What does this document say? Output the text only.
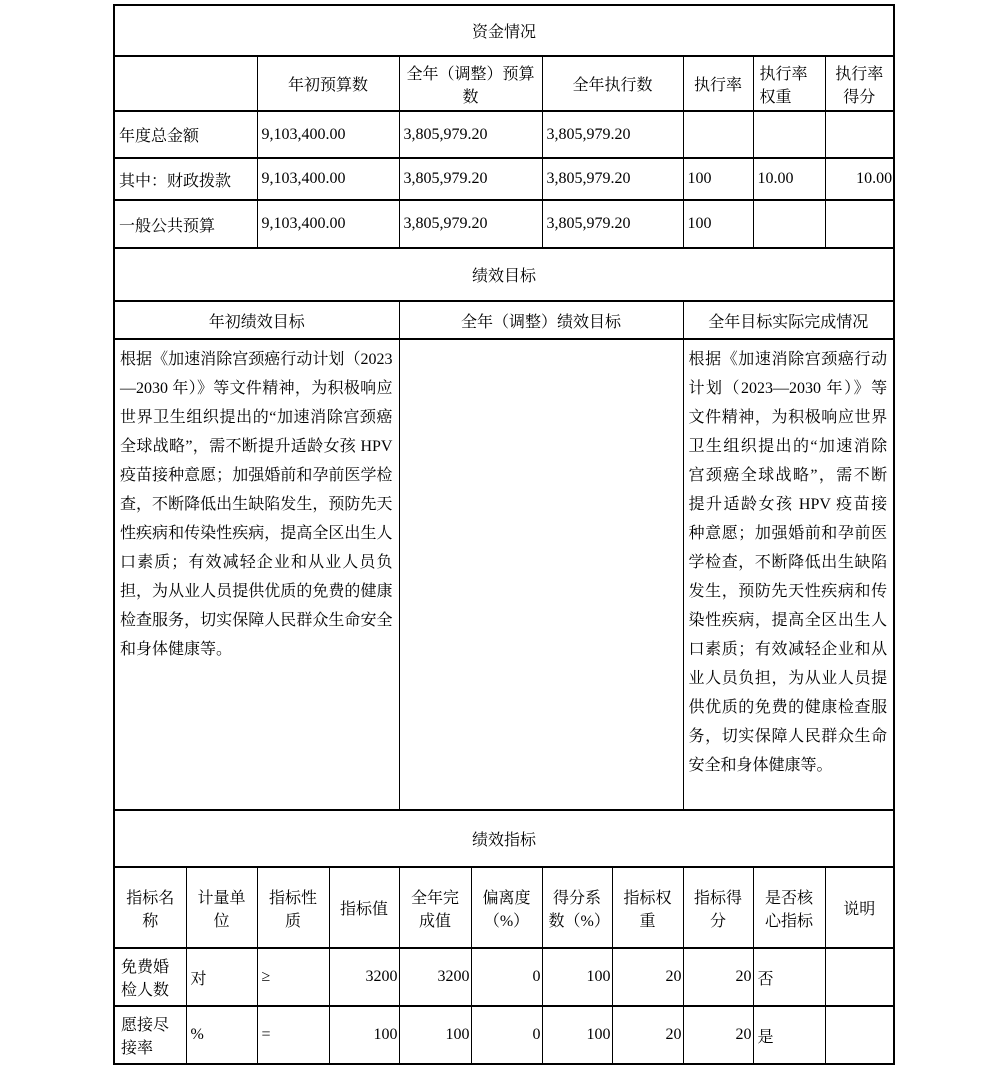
资金情况										
		年初预算数		全年（调整）预算数		全年执行数		执行率	执行率权重	执行率得分
年度总金额		9,103,400.00		3,805,979.20		3,805,979.20				
其中：财政拨款		9,103,400.00		3,805,979.20		3,805,979.20		100	10.00	10.00
一般公共预算		9,103,400.00		3,805,979.20		3,805,979.20		100		
绩效目标										
年初绩效目标				全年（调整）绩效目标				全年目标实际完成情况		
根据《加速消除宫颈癌行动计划（2023—2030 年）》等文件精神，为积极响应世界卫生组织提出的“加速消除宫颈癌全球战略”，需不断提升适龄女孩 HPV 疫苗接种意愿；加强婚前和孕前医学检查，不断降低出生缺陷发生，预防先天性疾病和传染性疾病，提高全区出生人口素质；有效减轻企业和从业人员负担，为从业人员提供优质的免费的健康检查服务，切实保障人民群众生命安全和身体健康等。								根据《加速消除宫颈癌行动计划（2023—2030 年）》等文件精神，为积极响应世界卫生组织提出的“加速消除宫颈癌全球战略”，需不断提升适龄女孩 HPV 疫苗接种意愿；加强婚前和孕前医学检查，不断降低出生缺陷发生，预防先天性疾病和传染性疾病，提高全区出生人口素质；有效减轻企业和从业人员负担，为从业人员提供优质的免费的健康检查服务，切实保障人民群众生命安全和身体健康等。		
绩效指标										
指标名称	计量单位	指标性质	指标值	全年完成值	偏离度（%）	得分系数（%）	指标权重	指标得分	是否核心指标	说明
免费婚检人数	对	≥	3200	3200	0	100	20	20	否	
愿接尽接率	%	=	100	100	0	100	20	20	是	
